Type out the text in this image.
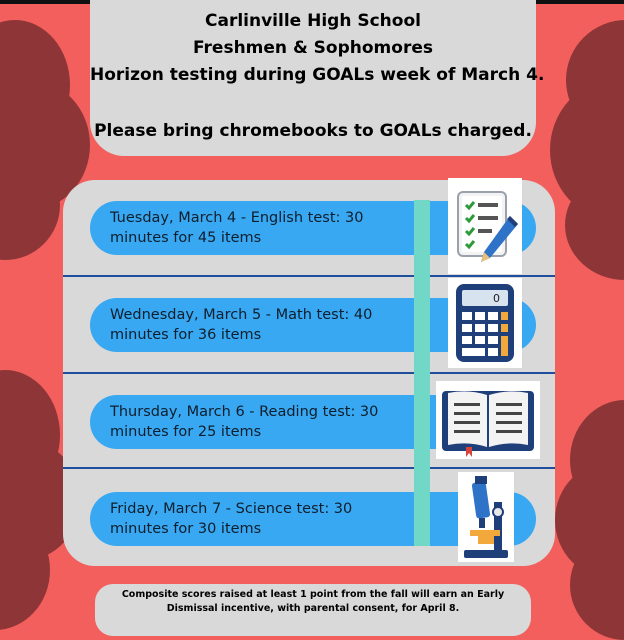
Carlinville High School
Freshmen & Sophomores
Horizon testing during GOALs week of March 4.
Please bring chromebooks to GOALs charged.
Tuesday, March 4 - English test: 30
minutes for 45 items
Wednesday, March 5 - Math test: 40
minutes for 36 items
Thursday, March 6 - Reading test: 30
minutes for 25 items
Friday, March 7 - Science test: 30
minutes for 30 items
0
Composite scores raised at least 1 point from the fall will earn an Early
Dismissal incentive, with parental consent, for April 8.
